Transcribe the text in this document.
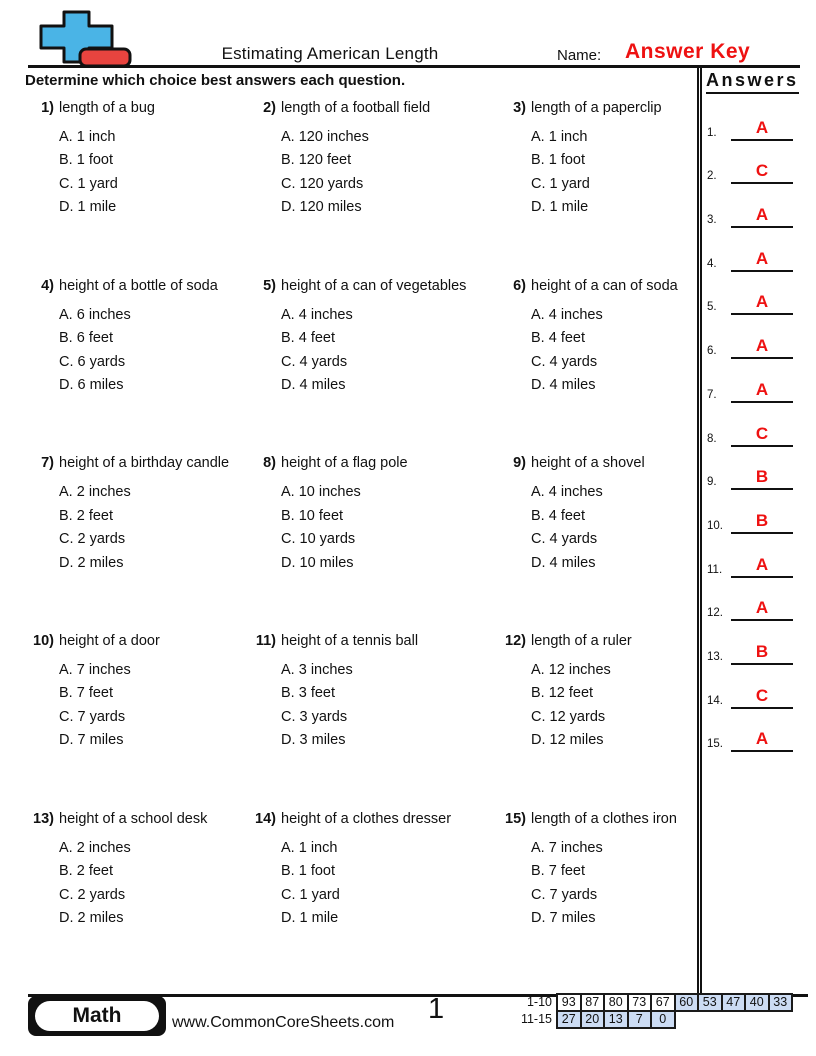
Estimating American Length	Name: Answer Key
Determine which choice best answers each question.	Answers
1.	A
2.	C
3.	A
4.	A
5.	A
6.	A
7.	A
8.	C
9.	B
10.	B
11.	A
12.	A
13.	B
14.	C
15.	A
1) length of a bug
A. 1 inch
B. 1 foot
C. 1 yard
D. 1 mile
2) length of a football field
A. 120 inches
B. 120 feet
C. 120 yards
D. 120 miles
3) length of a paperclip
A. 1 inch
B. 1 foot
C. 1 yard
D. 1 mile
4) height of a bottle of soda
A. 6 inches
B. 6 feet
C. 6 yards
D. 6 miles
5) height of a can of vegetables
A. 4 inches
B. 4 feet
C. 4 yards
D. 4 miles
6) height of a can of soda
A. 4 inches
B. 4 feet
C. 4 yards
D. 4 miles
7) height of a birthday candle
A. 2 inches
B. 2 feet
C. 2 yards
D. 2 miles
8) height of a flag pole
A. 10 inches
B. 10 feet
C. 10 yards
D. 10 miles
9) height of a shovel
A. 4 inches
B. 4 feet
C. 4 yards
D. 4 miles
10) height of a door
A. 7 inches
B. 7 feet
C. 7 yards
D. 7 miles
11) height of a tennis ball
A. 3 inches
B. 3 feet
C. 3 yards
D. 3 miles
12) length of a ruler
A. 12 inches
B. 12 feet
C. 12 yards
D. 12 miles
13) height of a school desk
A. 2 inches
B. 2 feet
C. 2 yards
D. 2 miles
14) height of a clothes dresser
A. 1 inch
B. 1 foot
C. 1 yard
D. 1 mile
15) length of a clothes iron
A. 7 inches
B. 7 feet
C. 7 yards
D. 7 miles
Math	www.CommonCoreSheets.com 1	1-10 93 87 80 73 67 60 53 47 40 33
11-15 27 20 13	7	0
